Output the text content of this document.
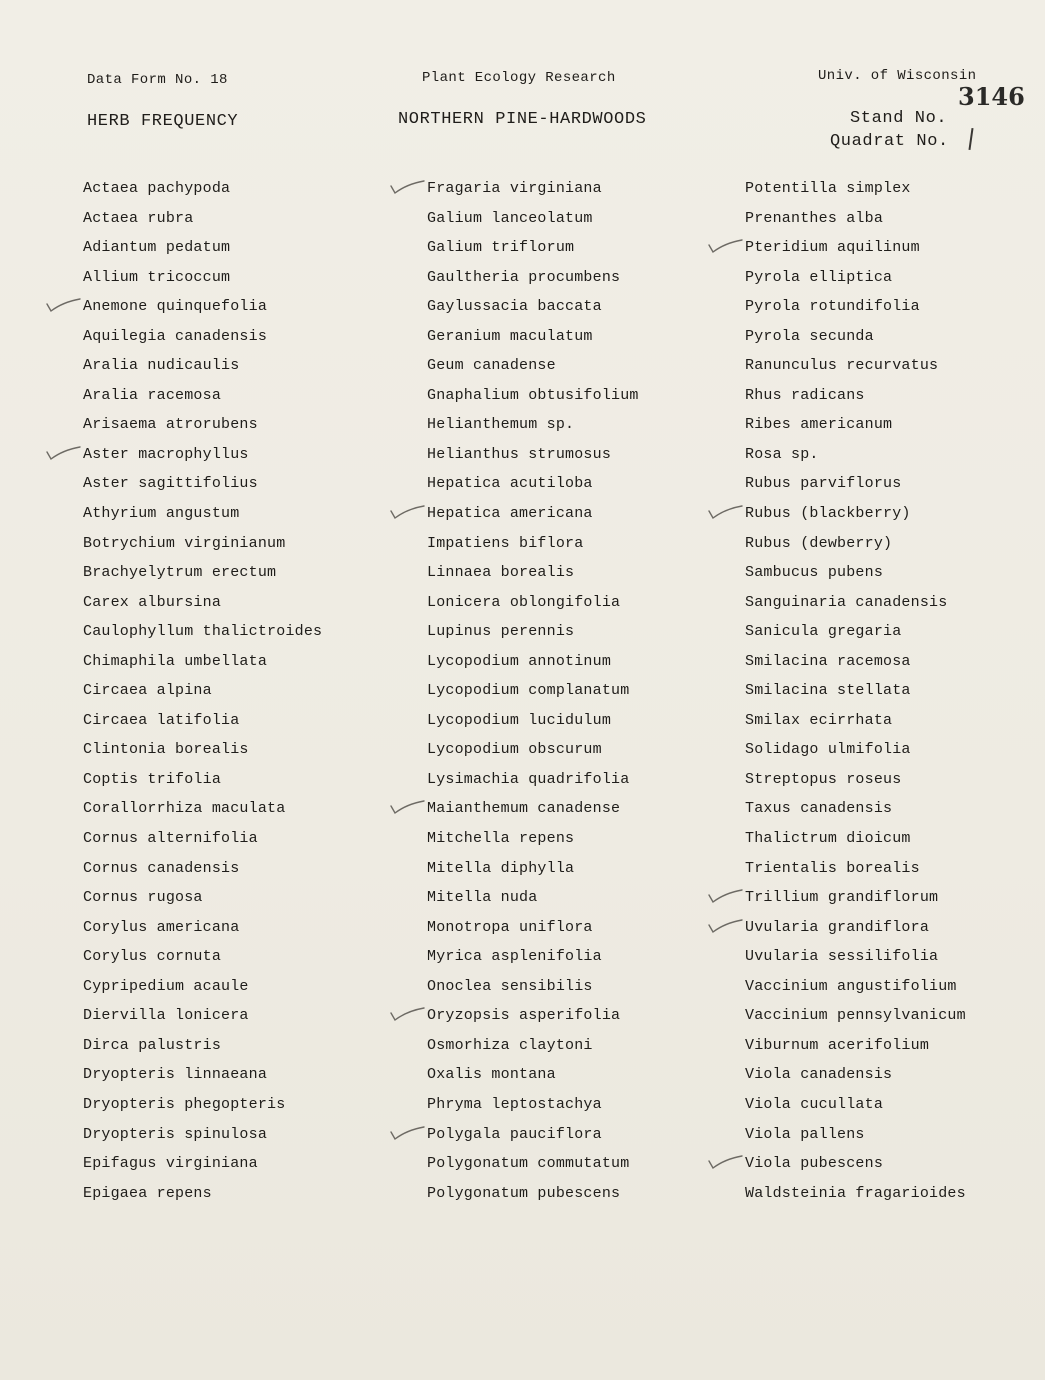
Data Form No. 18	Plant Ecology Research	Univ. of Wisconsin
HERB FREQUENCY	NORTHERN PINE-HARDWOODS	Stand No.
Quadrat No.
3146
Actaea pachypoda
Actaea rubra
Adiantum pedatum
Allium tricoccum
Anemone quinquefolia
Aquilegia canadensis
Aralia nudicaulis
Aralia racemosa
Arisaema atrorubens
Aster macrophyllus
Aster sagittifolius
Athyrium angustum
Botrychium virginianum
Brachyelytrum erectum
Carex albursina
Caulophyllum thalictroides
Chimaphila umbellata
Circaea alpina
Circaea latifolia
Clintonia borealis
Coptis trifolia
Corallorrhiza maculata
Cornus alternifolia
Cornus canadensis
Cornus rugosa
Corylus americana
Corylus cornuta
Cypripedium acaule
Diervilla lonicera
Dirca palustris
Dryopteris linnaeana
Dryopteris phegopteris
Dryopteris spinulosa
Epifagus virginiana
Epigaea repens
Fragaria virginiana
Galium lanceolatum
Galium triflorum
Gaultheria procumbens
Gaylussacia baccata
Geranium maculatum
Geum canadense
Gnaphalium obtusifolium
Helianthemum sp.
Helianthus strumosus
Hepatica acutiloba
Hepatica americana
Impatiens biflora
Linnaea borealis
Lonicera oblongifolia
Lupinus perennis
Lycopodium annotinum
Lycopodium complanatum
Lycopodium lucidulum
Lycopodium obscurum
Lysimachia quadrifolia
Maianthemum canadense
Mitchella repens
Mitella diphylla
Mitella nuda
Monotropa uniflora
Myrica asplenifolia
Onoclea sensibilis
Oryzopsis asperifolia
Osmorhiza claytoni
Oxalis montana
Phryma leptostachya
Polygala pauciflora
Polygonatum commutatum
Polygonatum pubescens
Potentilla simplex
Prenanthes alba
Pteridium aquilinum
Pyrola elliptica
Pyrola rotundifolia
Pyrola secunda
Ranunculus recurvatus
Rhus radicans
Ribes americanum
Rosa sp.
Rubus parviflorus
Rubus (blackberry)
Rubus (dewberry)
Sambucus pubens
Sanguinaria canadensis
Sanicula gregaria
Smilacina racemosa
Smilacina stellata
Smilax ecirrhata
Solidago ulmifolia
Streptopus roseus
Taxus canadensis
Thalictrum dioicum
Trientalis borealis
Trillium grandiflorum
Uvularia grandiflora
Uvularia sessilifolia
Vaccinium angustifolium
Vaccinium pennsylvanicum
Viburnum acerifolium
Viola canadensis
Viola cucullata
Viola pallens
Viola pubescens
Waldsteinia fragarioides
